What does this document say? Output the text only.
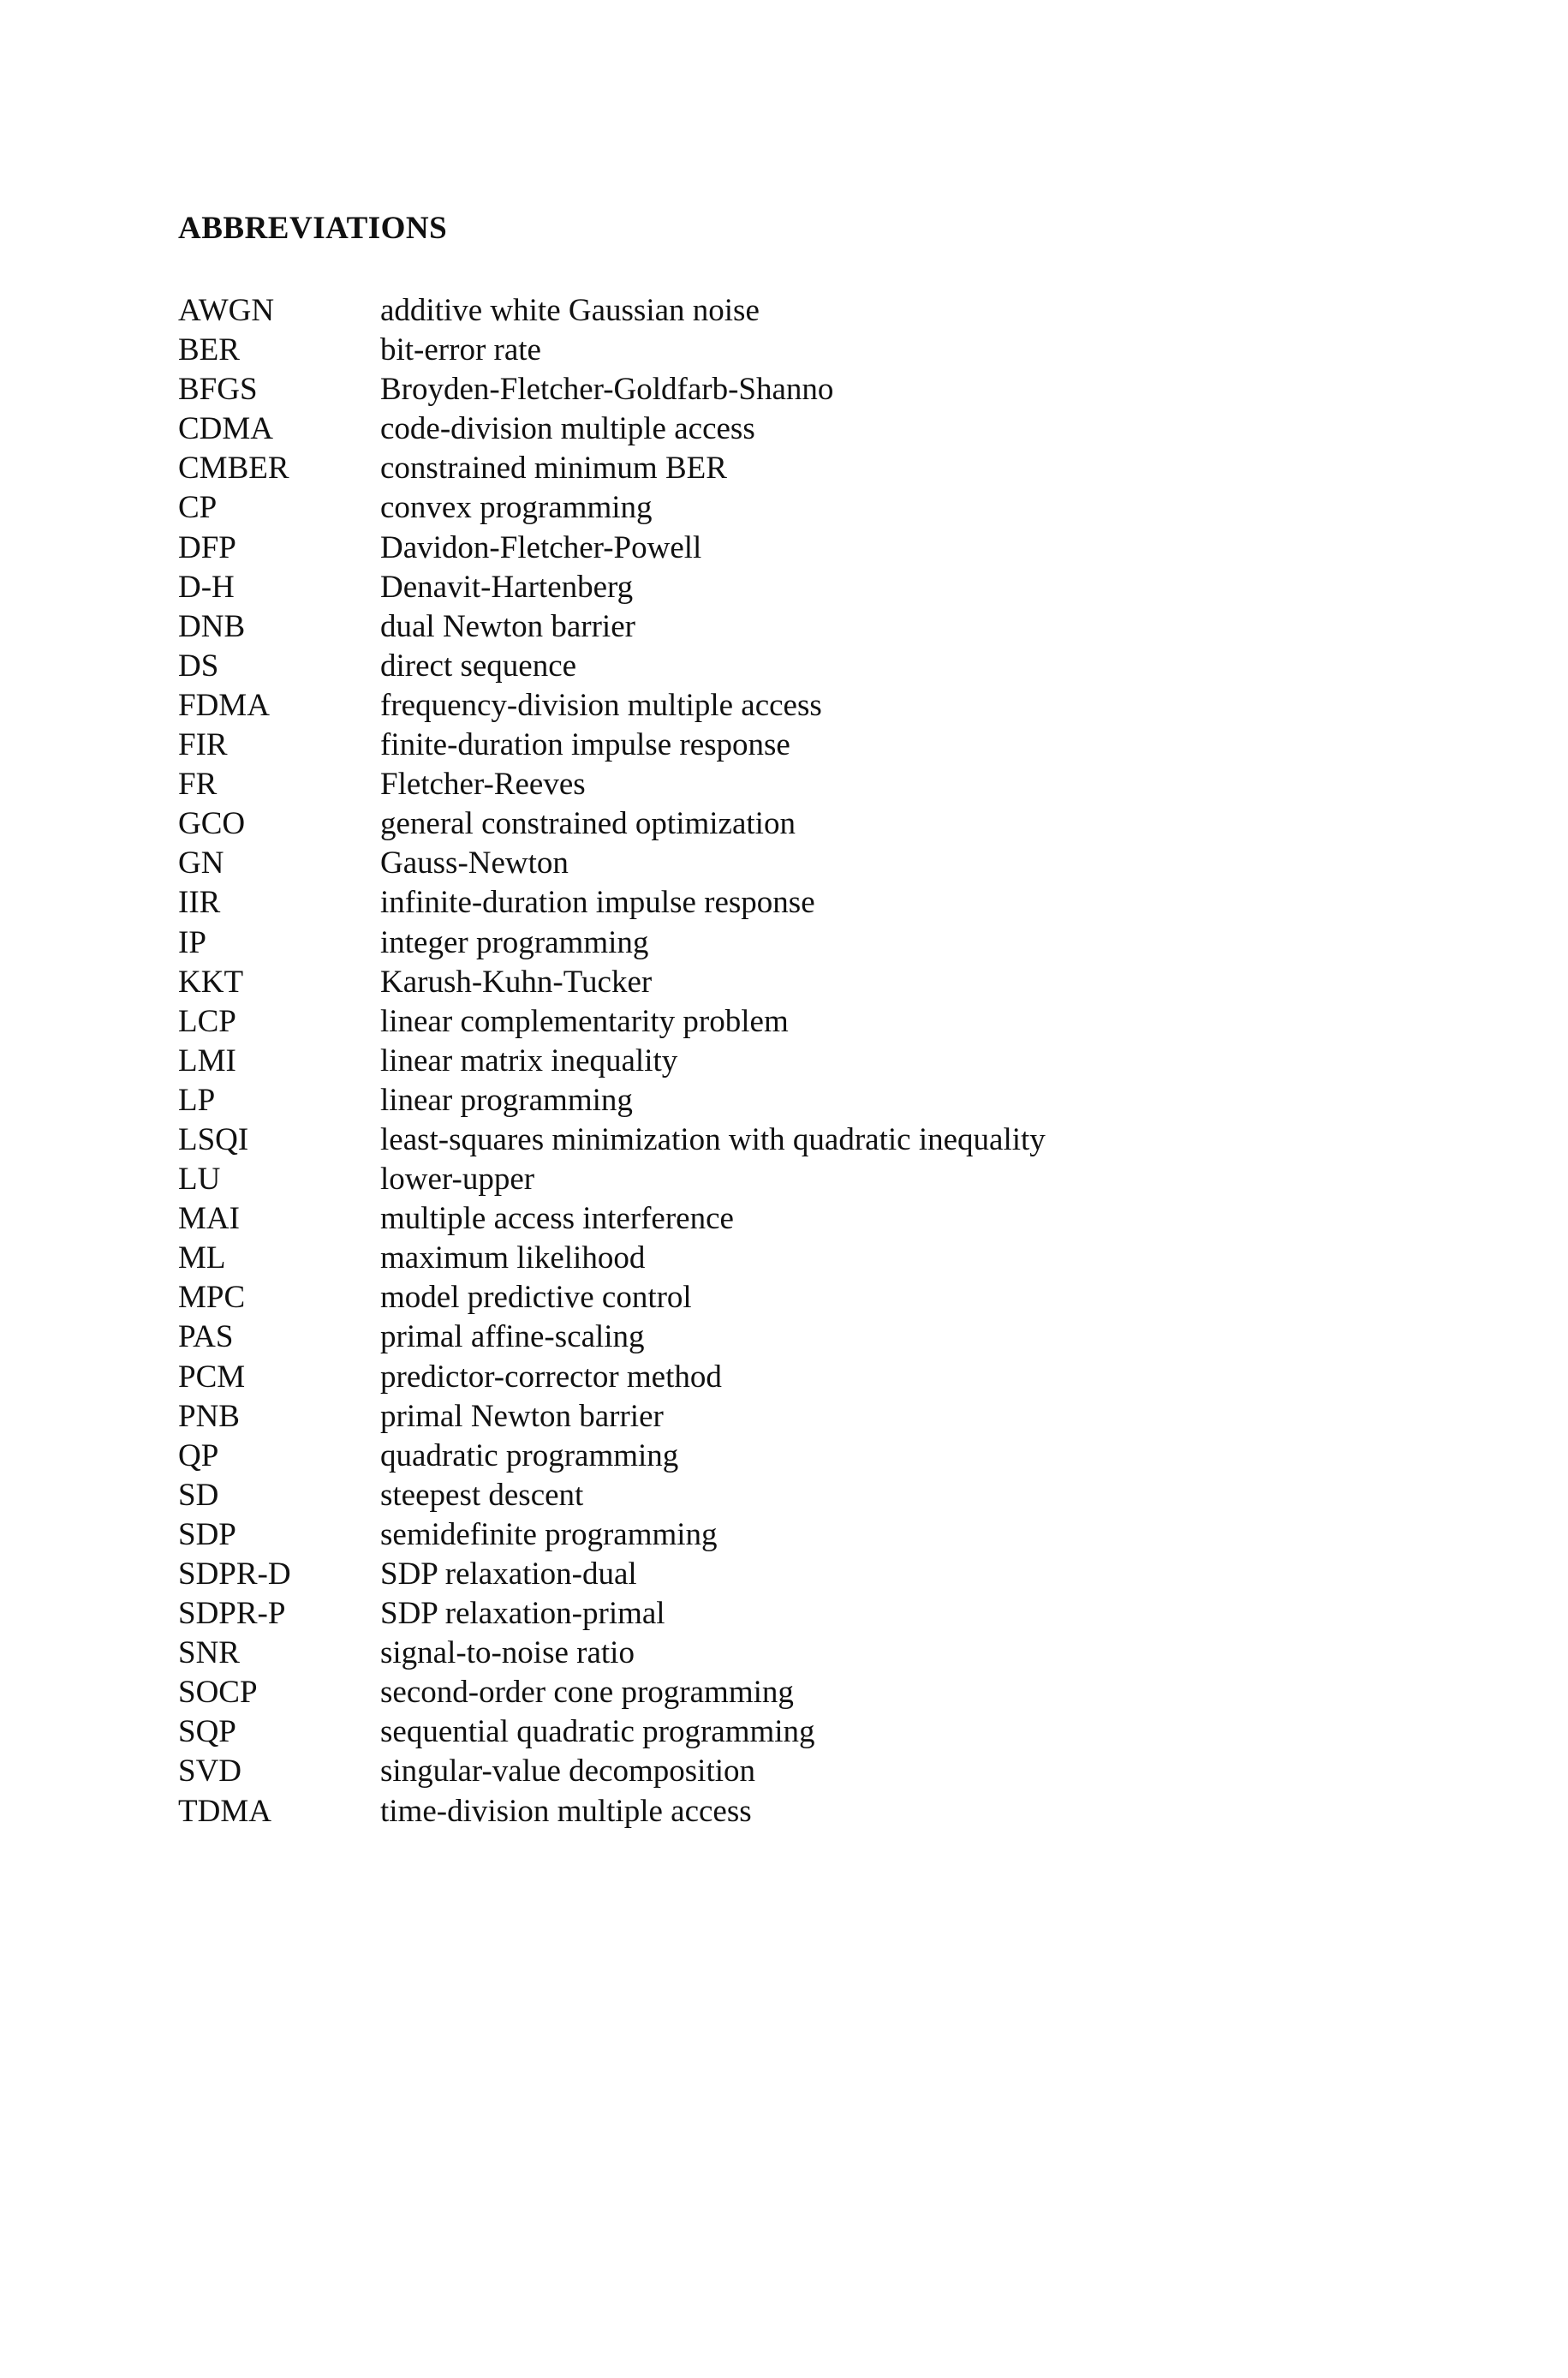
ABBREVIATIONS
AWGN	additive white Gaussian noise
BER	bit-error rate
BFGS	Broyden-Fletcher-Goldfarb-Shanno
CDMA	code-division multiple access
CMBER	constrained minimum BER
CP	convex programming
DFP	Davidon-Fletcher-Powell
D-H	Denavit-Hartenberg
DNB	dual Newton barrier
DS	direct sequence
FDMA	frequency-division multiple access
FIR	finite-duration impulse response
FR	Fletcher-Reeves
GCO	general constrained optimization
GN	Gauss-Newton
IIR	infinite-duration impulse response
IP	integer programming
KKT	Karush-Kuhn-Tucker
LCP	linear complementarity problem
LMI	linear matrix inequality
LP	linear programming
LSQI	least-squares minimization with quadratic inequality
LU	lower-upper
MAI	multiple access interference
ML	maximum likelihood
MPC	model predictive control
PAS	primal affine-scaling
PCM	predictor-corrector method
PNB	primal Newton barrier
QP	quadratic programming
SD	steepest descent
SDP	semidefinite programming
SDPR-D	SDP relaxation-dual
SDPR-P	SDP relaxation-primal
SNR	signal-to-noise ratio
SOCP	second-order cone programming
SQP	sequential quadratic programming
SVD	singular-value decomposition
TDMA	time-division multiple access
